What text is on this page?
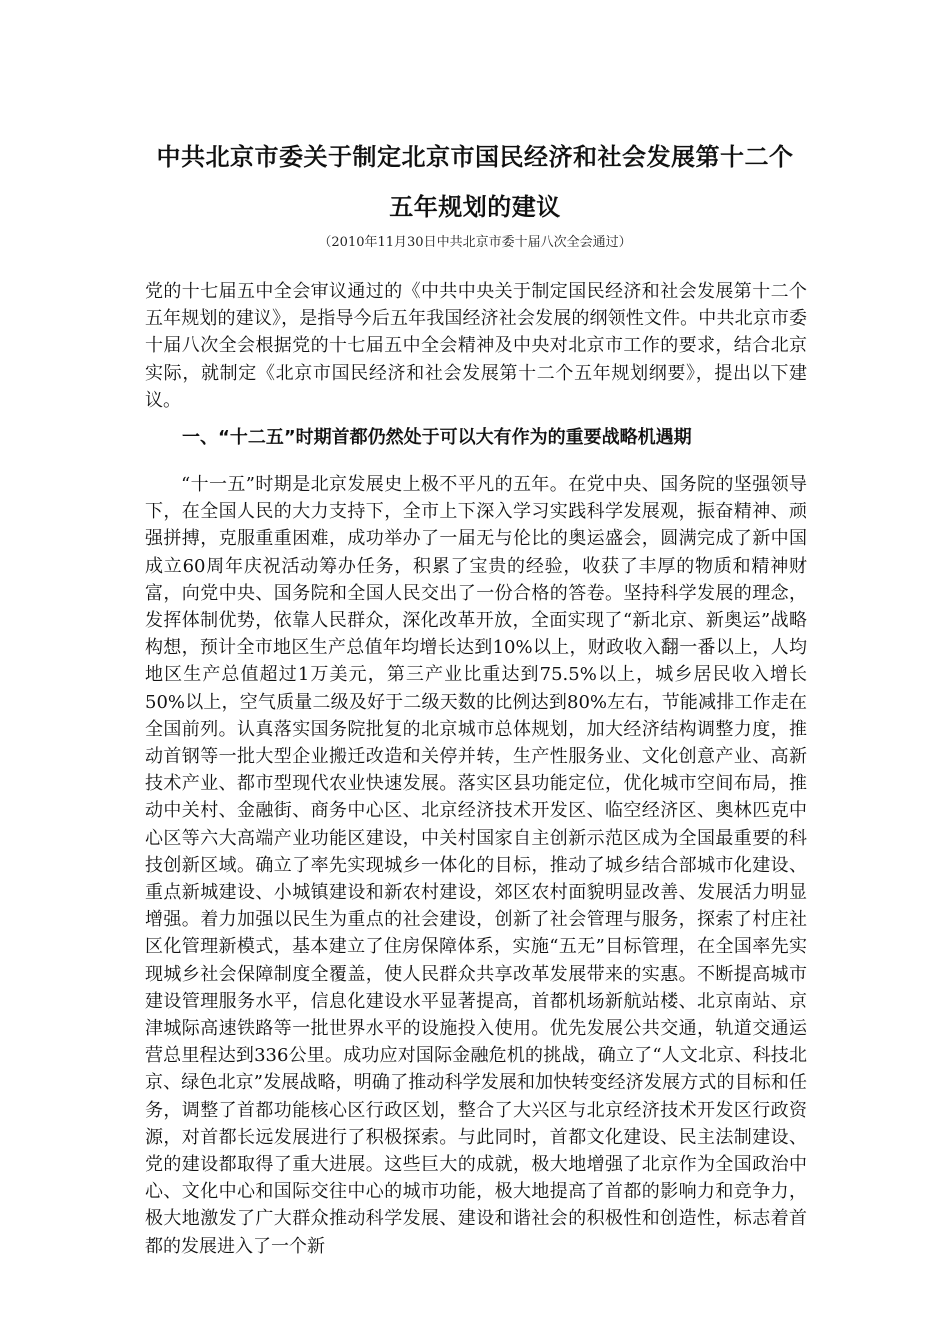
中共北京市委关于制定北京市国民经济和社会发展第十二个
五年规划的建议
（2010年11月30日中共北京市委十届八次全会通过）

党的十七届五中全会审议通过的《中共中央关于制定国民经济和社会发展第十二个五年规划的建议》，是指导今后五年我国经济社会发展的纲领性文件。中共北京市委十届八次全会根据党的十七届五中全会精神及中央对北京市工作的要求，结合北京实际，就制定《北京市国民经济和社会发展第十二个五年规划纲要》，提出以下建议。

一、“十二五”时期首都仍然处于可以大有作为的重要战略机遇期

“十一五”时期是北京发展史上极不平凡的五年。在党中央、国务院的坚强领导下，在全国人民的大力支持下，全市上下深入学习实践科学发展观，振奋精神、顽强拼搏，克服重重困难，成功举办了一届无与伦比的奥运盛会，圆满完成了新中国成立60周年庆祝活动筹办任务，积累了宝贵的经验，收获了丰厚的物质和精神财富，向党中央、国务院和全国人民交出了一份合格的答卷。坚持科学发展的理念，发挥体制优势，依靠人民群众，深化改革开放，全面实现了“新北京、新奥运”战略构想，预计全市地区生产总值年均增长达到10%以上，财政收入翻一番以上，人均地区生产总值超过1万美元，第三产业比重达到75.5%以上，城乡居民收入增长50%以上，空气质量二级及好于二级天数的比例达到80%左右，节能减排工作走在全国前列。认真落实国务院批复的北京城市总体规划，加大经济结构调整力度，推动首钢等一批大型企业搬迁改造和关停并转，生产性服务业、文化创意产业、高新技术产业、都市型现代农业快速发展。落实区县功能定位，优化城市空间布局，推动中关村、金融街、商务中心区、北京经济技术开发区、临空经济区、奥林匹克中心区等六大高端产业功能区建设，中关村国家自主创新示范区成为全国最重要的科技创新区域。确立了率先实现城乡一体化的目标，推动了城乡结合部城市化建设、重点新城建设、小城镇建设和新农村建设，郊区农村面貌明显改善、发展活力明显增强。着力加强以民生为重点的社会建设，创新了社会管理与服务，探索了村庄社区化管理新模式，基本建立了住房保障体系，实施“五无”目标管理，在全国率先实现城乡社会保障制度全覆盖，使人民群众共享改革发展带来的实惠。不断提高城市建设管理服务水平，信息化建设水平显著提高，首都机场新航站楼、北京南站、京津城际高速铁路等一批世界水平的设施投入使用。优先发展公共交通，轨道交通运营总里程达到336公里。成功应对国际金融危机的挑战，确立了“人文北京、科技北京、绿色北京”发展战略，明确了推动科学发展和加快转变经济发展方式的目标和任务，调整了首都功能核心区行政区划，整合了大兴区与北京经济技术开发区行政资源，对首都长远发展进行了积极探索。与此同时，首都文化建设、民主法制建设、党的建设都取得了重大进展。这些巨大的成就，极大地增强了北京作为全国政治中心、文化中心和国际交往中心的城市功能，极大地提高了首都的影响力和竞争力，极大地激发了广大群众推动科学发展、建设和谐社会的积极性和创造性，标志着首都的发展进入了一个新
